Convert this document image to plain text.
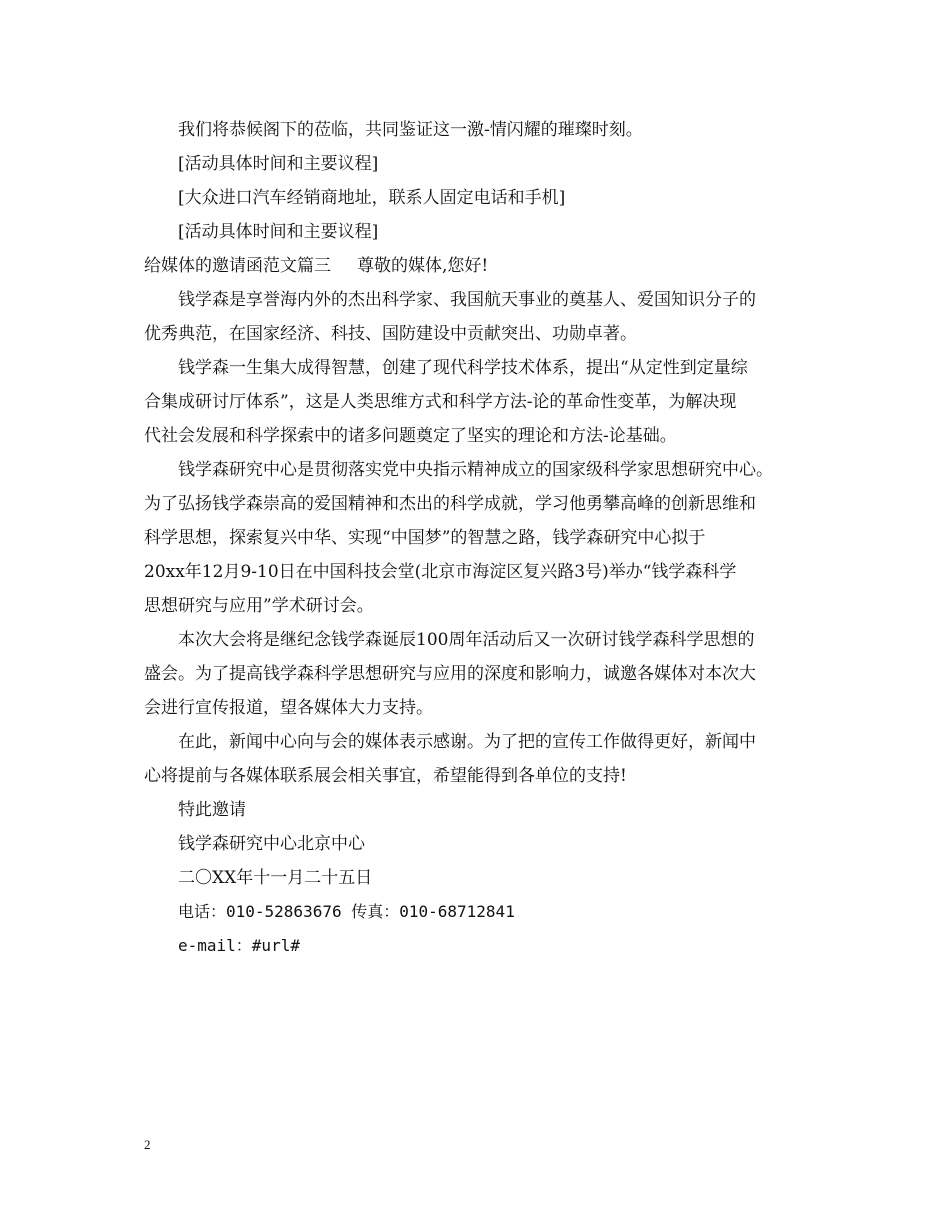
我们将恭候阁下的莅临，共同鉴证这一激-情闪耀的璀璨时刻。
[活动具体时间和主要议程]
[大众进口汽车经销商地址，联系人固定电话和手机]
[活动具体时间和主要议程]
给媒体的邀请函范文篇三 尊敬的媒体,您好!
钱学森是享誉海内外的杰出科学家、我国航天事业的奠基人、爱国知识分子的
优秀典范，在国家经济、科技、国防建设中贡献突出、功勋卓著。
钱学森一生集大成得智慧，创建了现代科学技术体系，提出“从定性到定量综
合集成研讨厅体系”，这是人类思维方式和科学方法-论的革命性变革，为解决现
代社会发展和科学探索中的诸多问题奠定了坚实的理论和方法-论基础。
钱学森研究中心是贯彻落实党中央指示精神成立的国家级科学家思想研究中心。
为了弘扬钱学森崇高的爱国精神和杰出的科学成就，学习他勇攀高峰的创新思维和
科学思想，探索复兴中华、实现“中国梦”的智慧之路，钱学森研究中心拟于
20xx年12月9-10日在中国科技会堂(北京市海淀区复兴路3号)举办“钱学森科学
思想研究与应用”学术研讨会。
本次大会将是继纪念钱学森诞辰100周年活动后又一次研讨钱学森科学思想的
盛会。为了提高钱学森科学思想研究与应用的深度和影响力，诚邀各媒体对本次大
会进行宣传报道，望各媒体大力支持。
在此，新闻中心向与会的媒体表示感谢。为了把的宣传工作做得更好，新闻中
心将提前与各媒体联系展会相关事宜，希望能得到各单位的支持!
特此邀请
钱学森研究中心北京中心
二〇XX年十一月二十五日
电话：010-52863676 传真：010-68712841
e-mail：#url#
2
